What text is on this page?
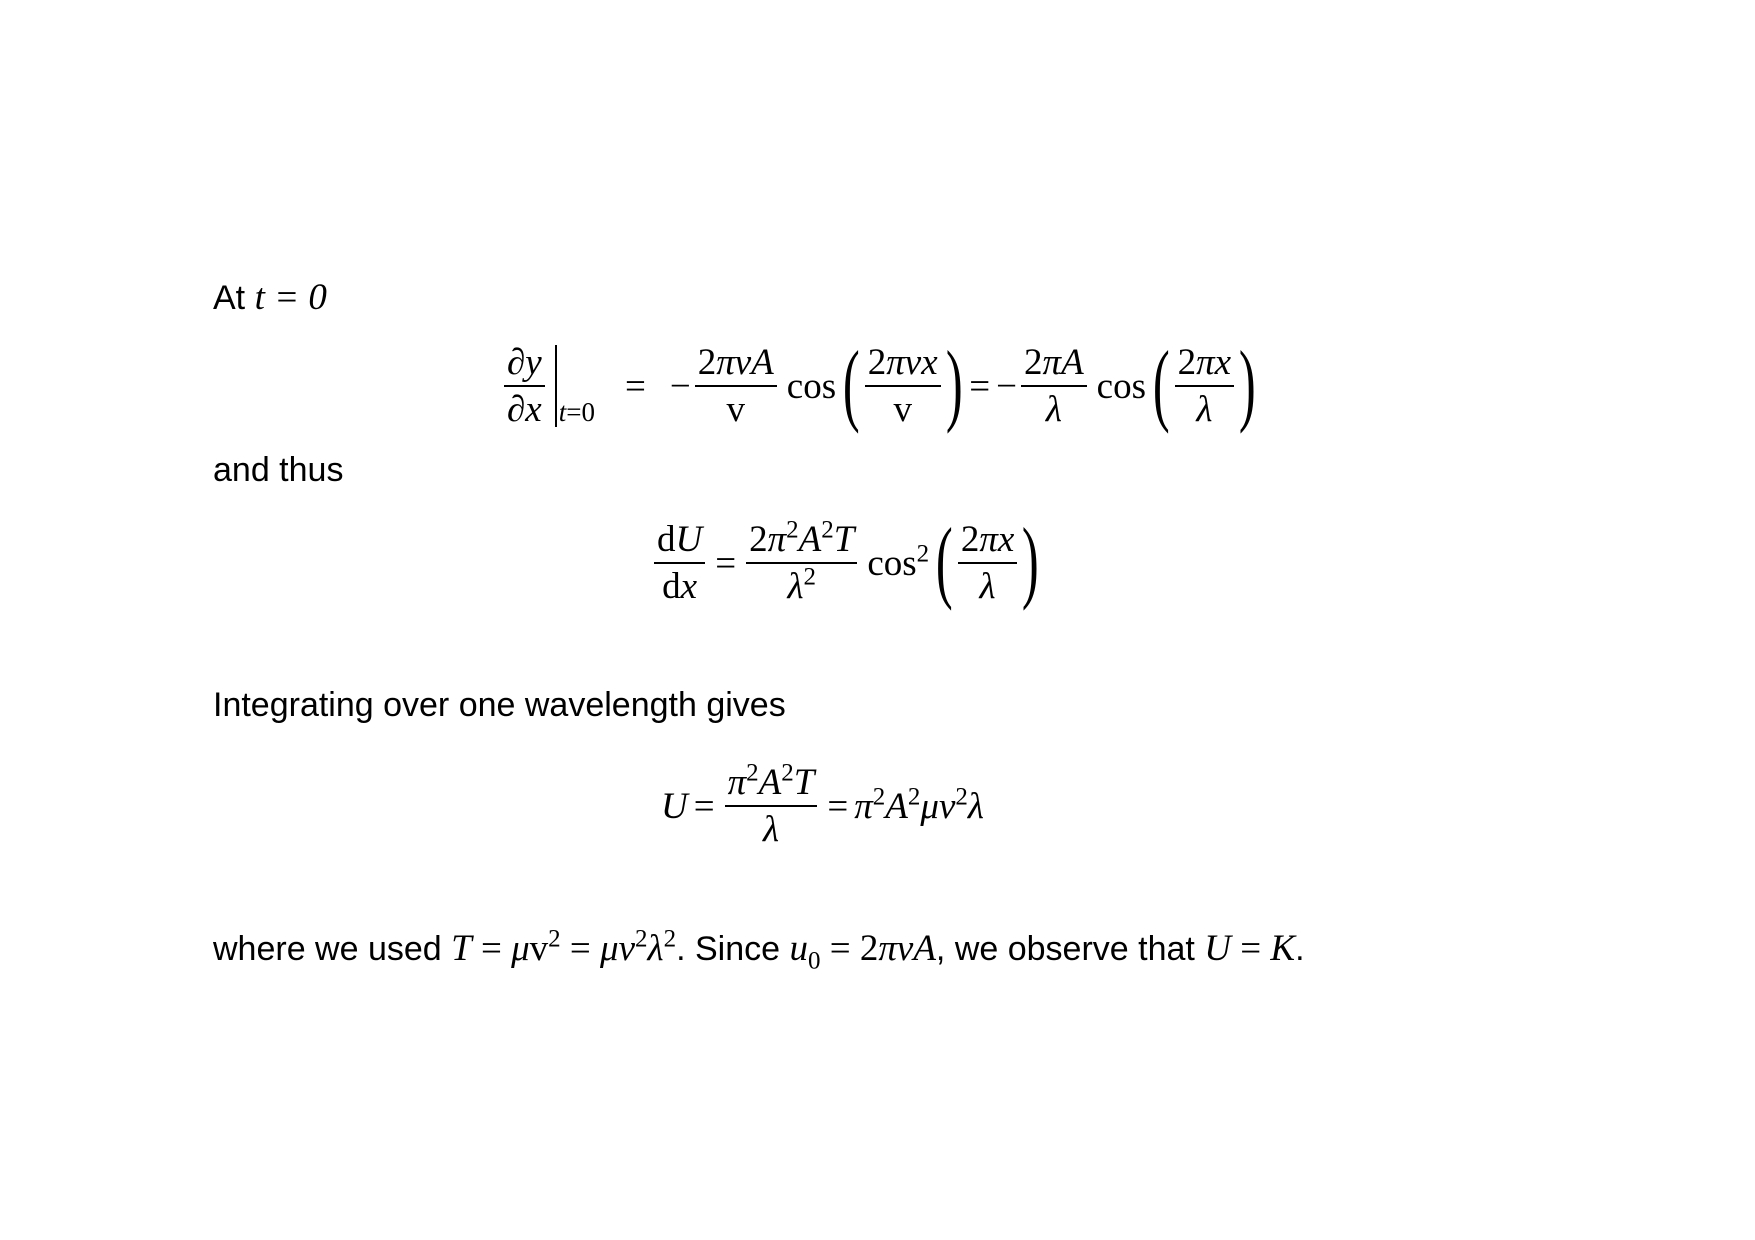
At t = 0
$\frac{\partial y}{\partial x} t=0$
= − $\frac{\text{2πνA}}{v}$ cos ( $\frac{\text{2πνx}}{v}$ ) = − $\frac{2\pi A}{\lambda}$ cos ( $\frac{2\pi x}{\lambda}$ )
and thus
$\frac{dU}{dx} = \frac{2\pi^2A^2T}{\lambda^2} \cos^2$ ( $\frac{2\pi x}{\lambda}$ )
Integrating over one wavelength gives
$U = \frac{\pi^2A^2T}{\lambda} = \pi^2A^2\mu\nu^2\lambda$
where we used $T = \mu v^2 = \mu\nu^2\lambda^2$. Since $u_0 = 2\pi\nu A$, we observe that U = K.
